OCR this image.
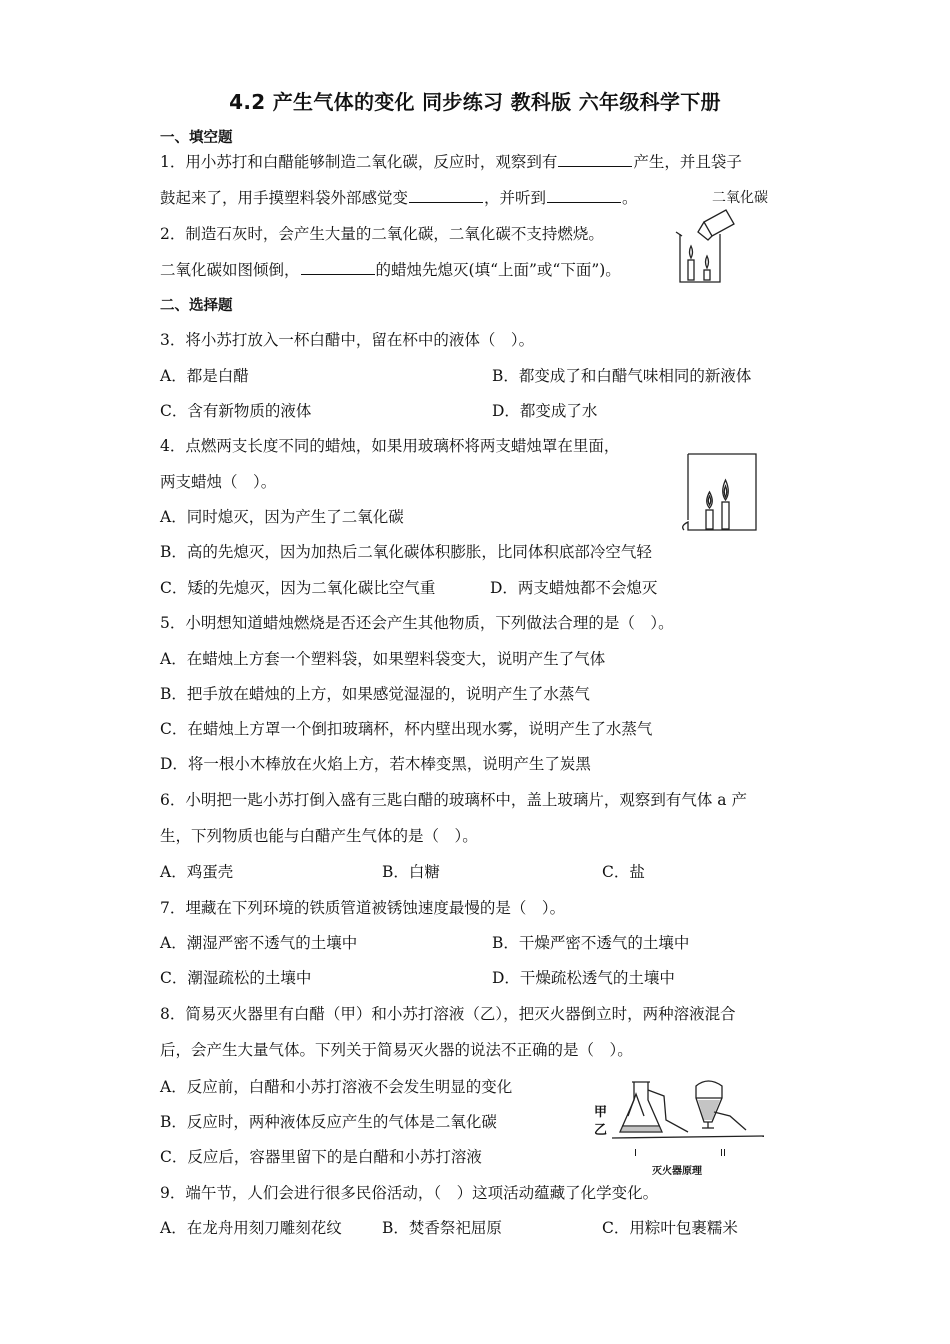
4.2 产生气体的变化 同步练习 教科版 六年级科学下册
一、填空题
1．用小苏打和白醋能够制造二氧化碳，反应时，观察到有	产生，并且袋子
鼓起来了，用手摸塑料袋外部感觉变	，并听到	。
2．制造石灰时，会产生大量的二氧化碳，二氧化碳不支持燃烧。
二氧化碳如图倾倒，	的蜡烛先熄灭(填“上面”或“下面”)。
二氧化碳
二、选择题
3．将小苏打放入一杯白醋中，留在杯中的液体（　）。
A．都是白醋	B．都变成了和白醋气味相同的新液体
C．含有新物质的液体	D．都变成了水
4．点燃两支长度不同的蜡烛，如果用玻璃杯将两支蜡烛罩在里面，
两支蜡烛（　）。
A．同时熄灭，因为产生了二氧化碳
B．高的先熄灭，因为加热后二氧化碳体积膨胀，比同体积底部冷空气轻
C．矮的先熄灭，因为二氧化碳比空气重	D．两支蜡烛都不会熄灭
5．小明想知道蜡烛燃烧是否还会产生其他物质，下列做法合理的是（　）。
A．在蜡烛上方套一个塑料袋，如果塑料袋变大，说明产生了气体
B．把手放在蜡烛的上方，如果感觉湿湿的，说明产生了水蒸气
C．在蜡烛上方罩一个倒扣玻璃杯，杯内壁出现水雾，说明产生了水蒸气
D．将一根小木棒放在火焰上方，若木棒变黑，说明产生了炭黑
6．小明把一匙小苏打倒入盛有三匙白醋的玻璃杯中，盖上玻璃片，观察到有气体 a 产
生，下列物质也能与白醋产生气体的是（　）。
A．鸡蛋壳	B．白糖	C．盐
7．埋藏在下列环境的铁质管道被锈蚀速度最慢的是（　）。
A．潮湿严密不透气的土壤中	B．干燥严密不透气的土壤中
C．潮湿疏松的土壤中	D．干燥疏松透气的土壤中
8．简易灭火器里有白醋（甲）和小苏打溶液（乙），把灭火器倒立时，两种溶液混合
后，会产生大量气体。下列关于简易灭火器的说法不正确的是（　）。
A．反应前，白醋和小苏打溶液不会发生明显的变化
B．反应时，两种液体反应产生的气体是二氧化碳
C．反应后，容器里留下的是白醋和小苏打溶液
甲
乙
I	II
灭火器原理
9．端午节，人们会进行很多民俗活动，（　）这项活动蕴藏了化学变化。
A．在龙舟用刻刀雕刻花纹	B．焚香祭祀屈原	C．用粽叶包裹糯米
